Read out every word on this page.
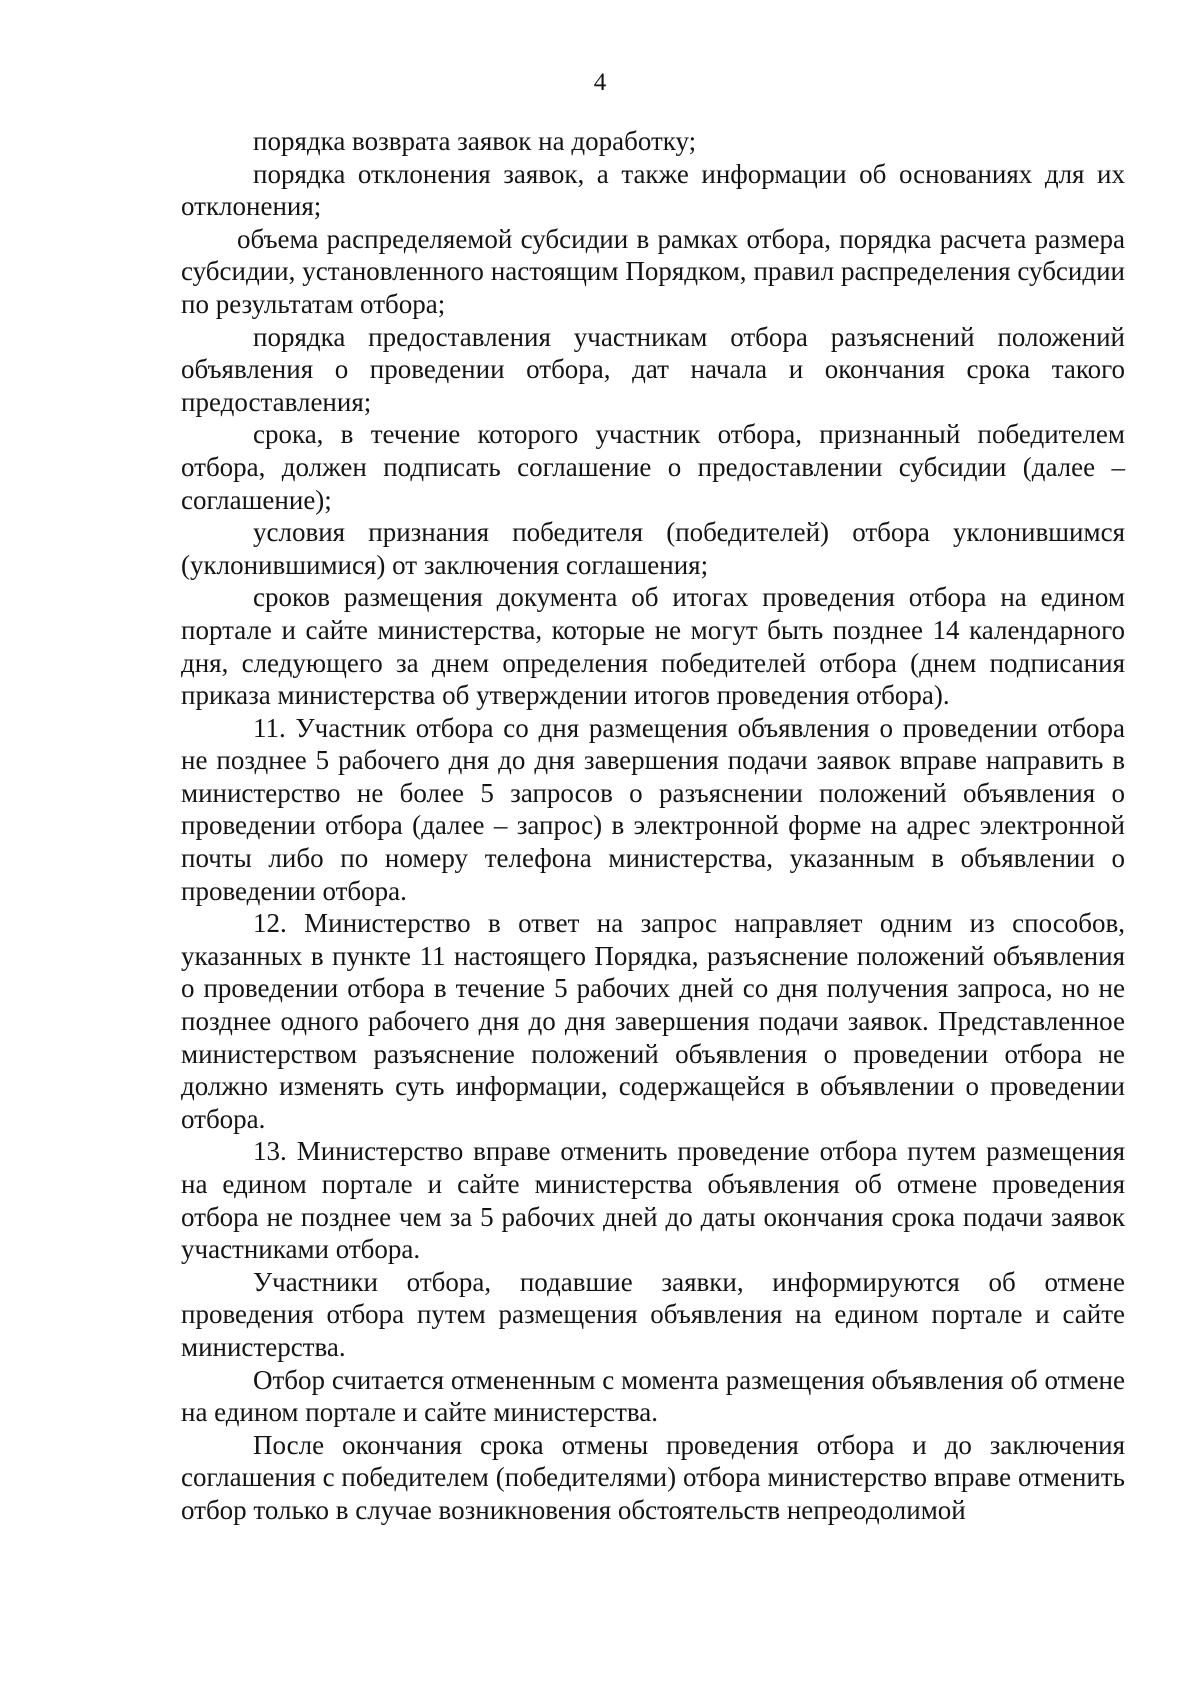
4

порядка возврата заявок на доработку;

порядка отклонения заявок, а также информации об основаниях для их отклонения;

объема распределяемой субсидии в рамках отбора, порядка расчета размера субсидии, установленного настоящим Порядком, правил распределения субсидии по результатам отбора;

порядка предоставления участникам отбора разъяснений положений объявления о проведении отбора, дат начала и окончания срока такого предоставления;

срока, в течение которого участник отбора, признанный победителем отбора, должен подписать соглашение о предоставлении субсидии (далее – соглашение);

условия признания победителя (победителей) отбора уклонившимся (уклонившимися) от заключения соглашения;

сроков размещения документа об итогах проведения отбора на едином портале и сайте министерства, которые не могут быть позднее 14 календарного дня, следующего за днем определения победителей отбора (днем подписания приказа министерства об утверждении итогов проведения отбора).

11. Участник отбора со дня размещения объявления о проведении отбора не позднее 5 рабочего дня до дня завершения подачи заявок вправе направить в министерство не более 5 запросов о разъяснении положений объявления о проведении отбора (далее – запрос) в электронной форме на адрес электронной почты либо по номеру телефона министерства, указанным в объявлении о проведении отбора.

12. Министерство в ответ на запрос направляет одним из способов, указанных в пункте 11 настоящего Порядка, разъяснение положений объявления о проведении отбора в течение 5 рабочих дней со дня получения запроса, но не позднее одного рабочего дня до дня завершения подачи заявок. Представленное министерством разъяснение положений объявления о проведении отбора не должно изменять суть информации, содержащейся в объявлении о проведении отбора.

13. Министерство вправе отменить проведение отбора путем размещения на едином портале и сайте министерства объявления об отмене проведения отбора не позднее чем за 5 рабочих дней до даты окончания срока подачи заявок участниками отбора.

Участники отбора, подавшие заявки, информируются об отмене проведения отбора путем размещения объявления на едином портале и сайте министерства.

Отбор считается отмененным с момента размещения объявления об отмене на едином портале и сайте министерства.

После окончания срока отмены проведения отбора и до заключения соглашения с победителем (победителями) отбора министерство вправе отменить отбор только в случае возникновения обстоятельств непреодолимой
